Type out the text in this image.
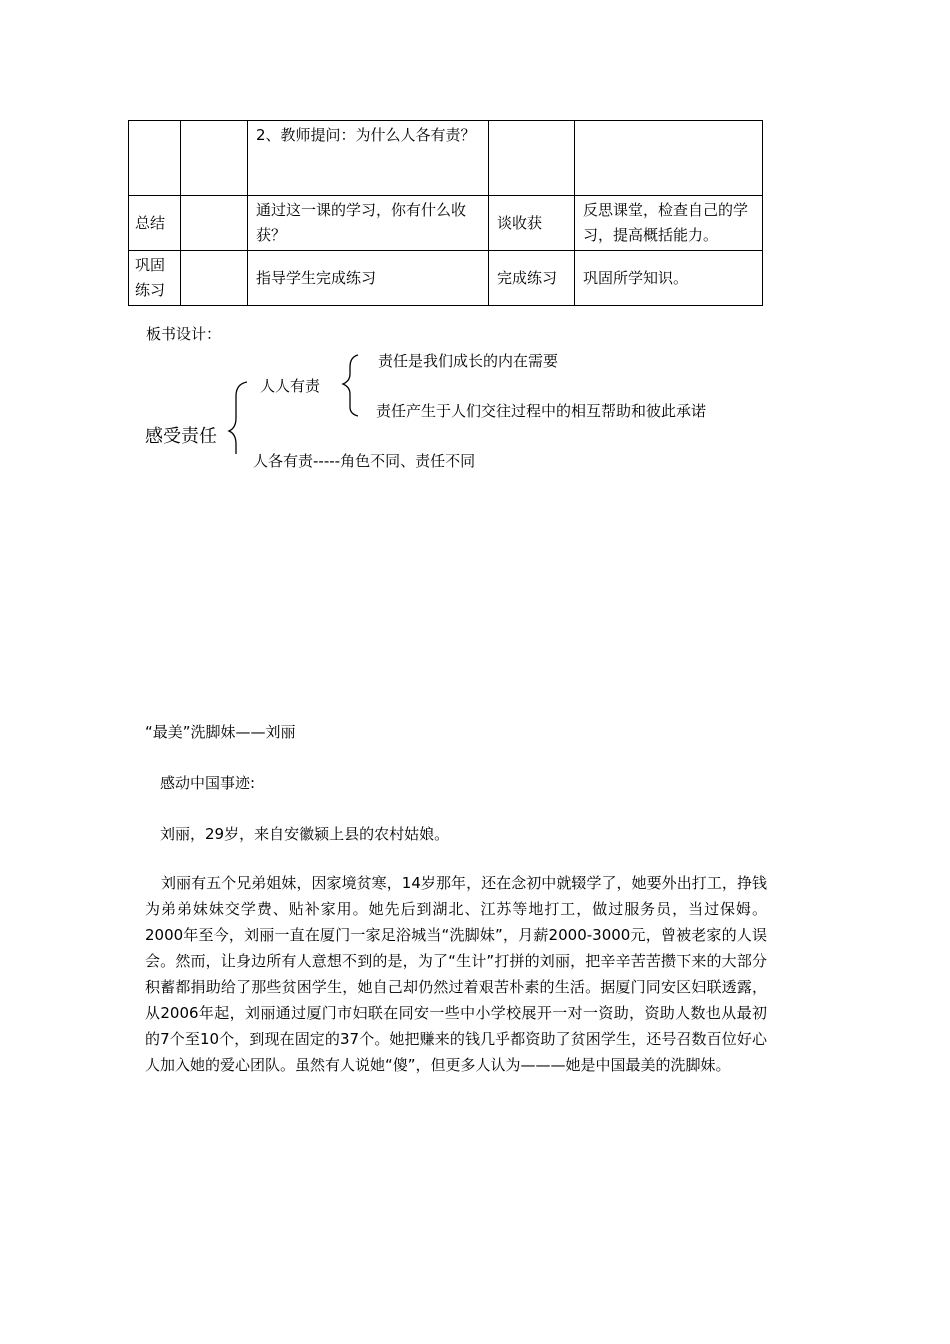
		2、教师提问：为什么人各有责？		
总结		通过这一课的学习，你有什么收获？	谈收获	反思课堂，检查自己的学习，提高概括能力。
巩固练习		指导学生完成练习	完成练习	巩固所学知识。
板书设计：
感受责任
人人有责
责任是我们成长的内在需要
责任产生于人们交往过程中的相互帮助和彼此承诺
人各有责-----角色不同、责任不同
“最美”洗脚妹——刘丽
感动中国事迹:
刘丽，29岁，来自安徽颍上县的农村姑娘。
刘丽有五个兄弟姐妹，因家境贫寒，14岁那年，还在念初中就辍学了，她要外出打工，挣钱为弟弟妹妹交学费、贴补家用。她先后到湖北、江苏等地打工，做过服务员，当过保姆。2000年至今，刘丽一直在厦门一家足浴城当“洗脚妹”，月薪2000-3000元，曾被老家的人误会。然而，让身边所有人意想不到的是，为了“生计”打拼的刘丽，把辛辛苦苦攒下来的大部分积蓄都捐助给了那些贫困学生，她自己却仍然过着艰苦朴素的生活。据厦门同安区妇联透露，从2006年起，刘丽通过厦门市妇联在同安一些中小学校展开一对一资助，资助人数也从最初的7个至10个，到现在固定的37个。她把赚来的钱几乎都资助了贫困学生，还号召数百位好心人加入她的爱心团队。虽然有人说她“傻”，但更多人认为———她是中国最美的洗脚妹。
